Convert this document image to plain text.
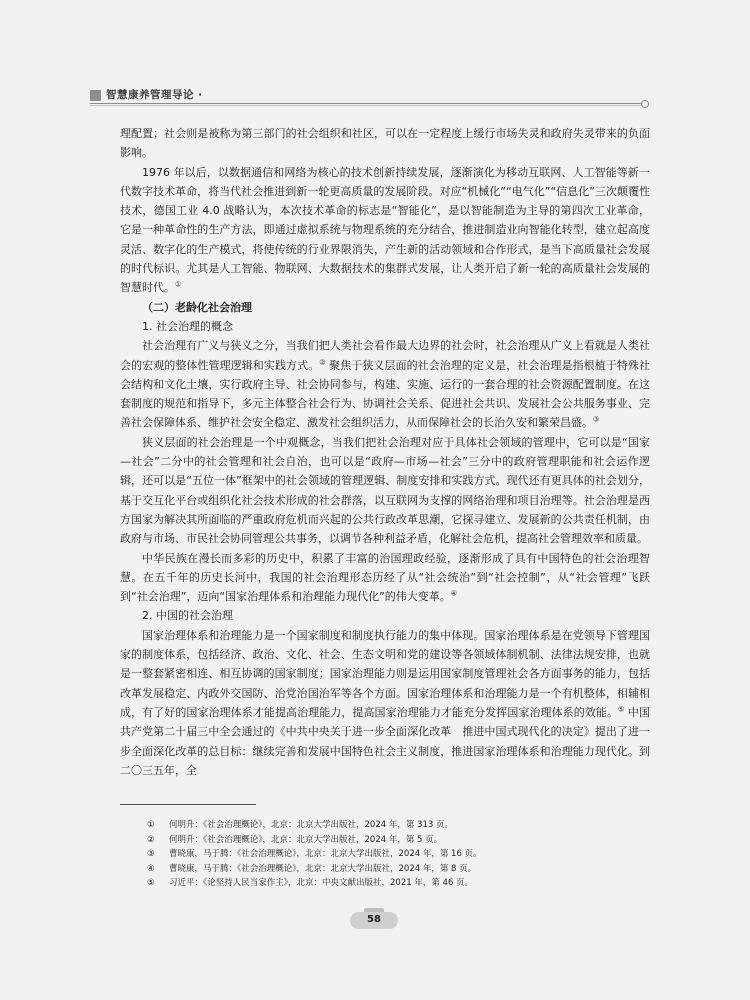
智慧康养管理导论 ·

理配置；社会则是被称为第三部门的社会组织和社区，可以在一定程度上缓行市场失灵和政府失灵带来的负面影响。

1976 年以后，以数据通信和网络为核心的技术创新持续发展，逐渐演化为移动互联网、人工智能等新一代数字技术革命，将当代社会推进到新一轮更高质量的发展阶段。对应“机械化”“电气化”“信息化”三次颠覆性技术，德国工业 4.0 战略认为，本次技术革命的标志是“智能化”，是以智能制造为主导的第四次工业革命，它是一种革命性的生产方法，即通过虚拟系统与物理系统的充分结合，推进制造业向智能化转型，建立起高度灵活、数字化的生产模式，将使传统的行业界限消失，产生新的活动领域和合作形式，是当下高质量社会发展的时代标识。尤其是人工智能、物联网、大数据技术的集群式发展，让人类开启了新一轮的高质量社会发展的智慧时代。①

（二）老龄化社会治理

1. 社会治理的概念

社会治理有广义与狭义之分，当我们把人类社会看作最大边界的社会时，社会治理从广义上看就是人类社会的宏观的整体性管理逻辑和实践方式。② 聚焦于狭义层面的社会治理的定义是，社会治理是指根植于特殊社会结构和文化土壤，实行政府主导、社会协同参与，构建、实施、运行的一套合理的社会资源配置制度。在这套制度的规范和指导下，多元主体整合社会行为、协调社会关系、促进社会共识、发展社会公共服务事业、完善社会保障体系、维护社会安全稳定、激发社会组织活力，从而保障社会的长治久安和繁荣昌盛。③

狭义层面的社会治理是一个中观概念，当我们把社会治理对应于具体社会领域的管理中，它可以是“国家—社会”二分中的社会管理和社会自治，也可以是“政府—市场—社会”三分中的政府管理职能和社会运作逻辑，还可以是“五位一体”框架中的社会领域的管理逻辑、制度安排和实践方式。现代还有更具体的社会划分，基于交互化平台或组织化社会技术形成的社会群落，以互联网为支撑的网络治理和项目治理等。社会治理是西方国家为解决其所面临的严重政府危机而兴起的公共行政改革思潮，它探寻建立、发展新的公共责任机制，由政府与市场、市民社会协同管理公共事务，以调节各种利益矛盾，化解社会危机，提高社会管理效率和质量。

中华民族在漫长而多彩的历史中，积累了丰富的治国理政经验，逐渐形成了具有中国特色的社会治理智慧。在五千年的历史长河中，我国的社会治理形态历经了从“社会统治”到“社会控制”，从“社会管理”飞跃到“社会治理”，迈向“国家治理体系和治理能力现代化”的伟大变革。④

2. 中国的社会治理

国家治理体系和治理能力是一个国家制度和制度执行能力的集中体现。国家治理体系是在党领导下管理国家的制度体系，包括经济、政治、文化、社会、生态文明和党的建设等各领域体制机制、法律法规安排，也就是一整套紧密相连、相互协调的国家制度；国家治理能力则是运用国家制度管理社会各方面事务的能力，包括改革发展稳定、内政外交国防、治党治国治军等各个方面。国家治理体系和治理能力是一个有机整体，相辅相成，有了好的国家治理体系才能提高治理能力，提高国家治理能力才能充分发挥国家治理体系的效能。⑤ 中国共产党第二十届三中全会通过的《中共中央关于进一步全面深化改革　推进中国式现代化的决定》提出了进一步全面深化改革的总目标：继续完善和发展中国特色社会主义制度，推进国家治理体系和治理能力现代化。到二〇三五年，全

① 何明升：《社会治理概论》，北京：北京大学出版社，2024 年，第 313 页。
② 何明升：《社会治理概论》，北京：北京大学出版社，2024 年，第 5 页。
③ 曹晓康，马于腾：《社会治理概论》，北京：北京大学出版社，2024 年，第 16 页。
④ 曹晓康，马于腾：《社会治理概论》，北京：北京大学出版社，2024 年，第 8 页。
⑤ 习近平：《论坚持人民当家作主》，北京：中央文献出版社，2021 年，第 46 页。
58
